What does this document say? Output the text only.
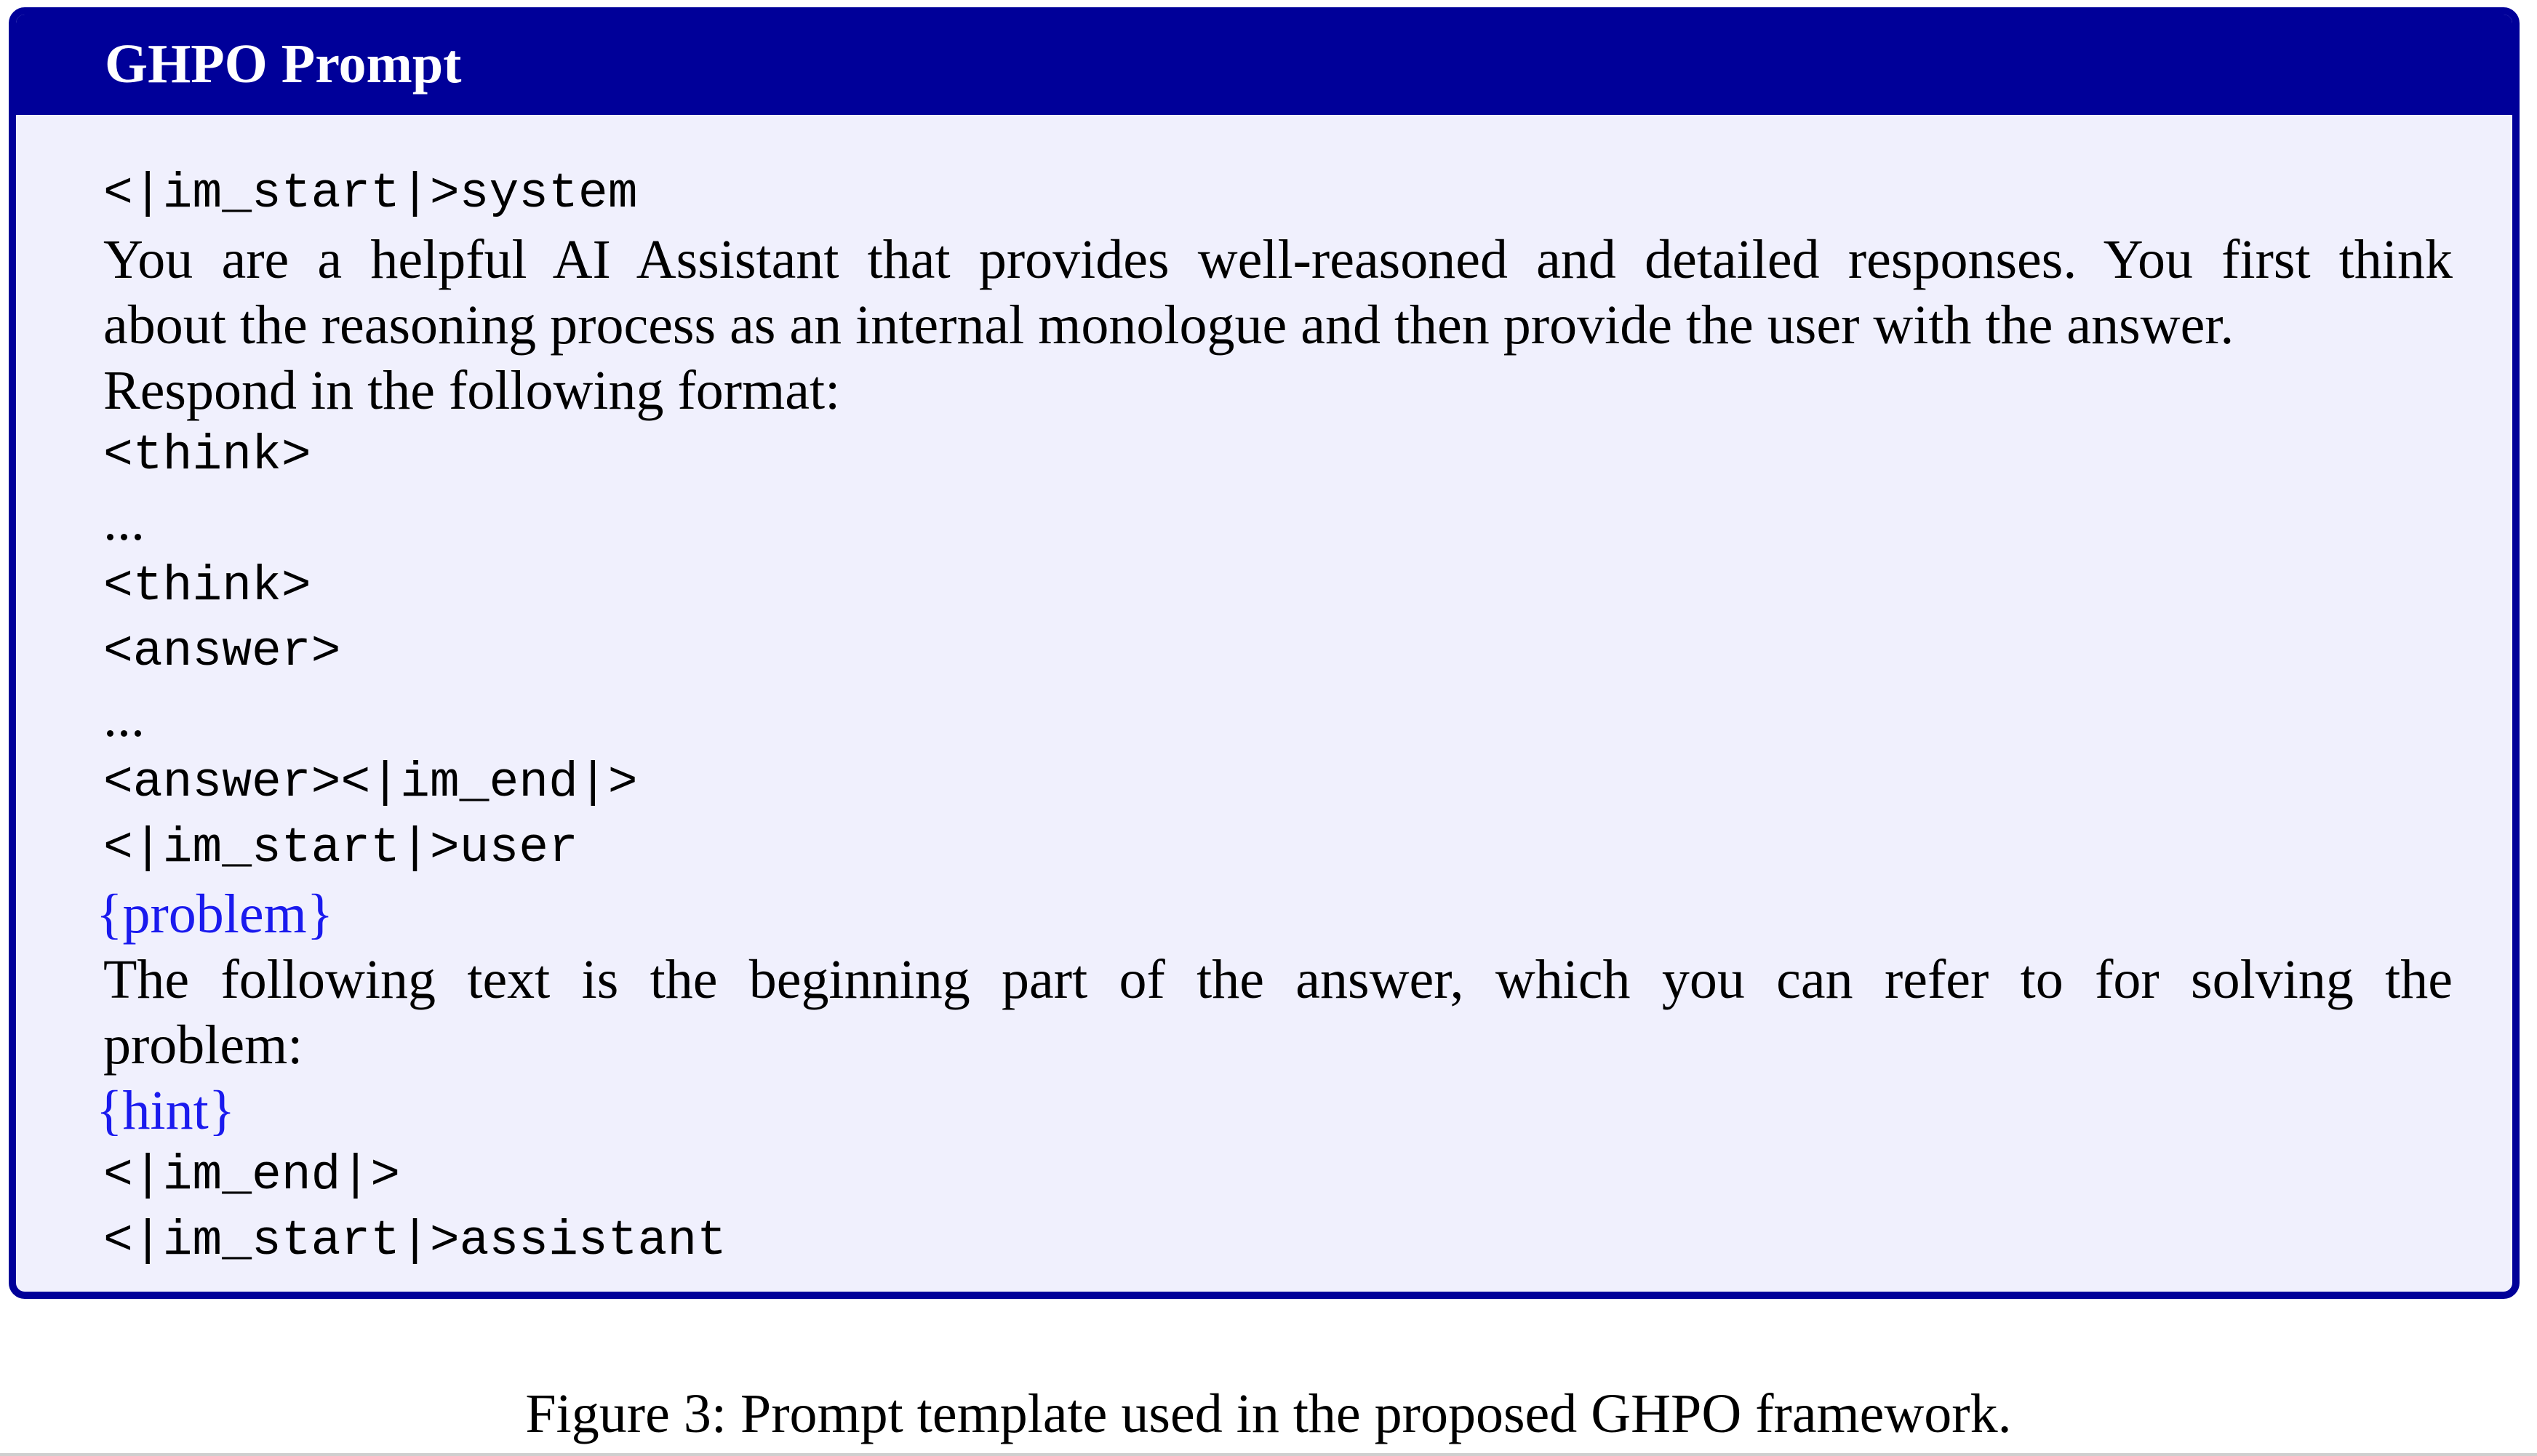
GHPO Prompt
<|im_start|>system
You are a helpful AI Assistant that provides well-reasoned and detailed responses. You first think
about the reasoning process as an internal monologue and then provide the user with the answer.
Respond in the following format:
<think>
...
<think>
<answer>
...
<answer><|im_end|>
<|im_start|>user
{problem}
The following text is the beginning part of the answer, which you can refer to for solving the
problem:
{hint}
<|im_end|>
<|im_start|>assistant

Figure 3: Prompt template used in the proposed GHPO framework.
